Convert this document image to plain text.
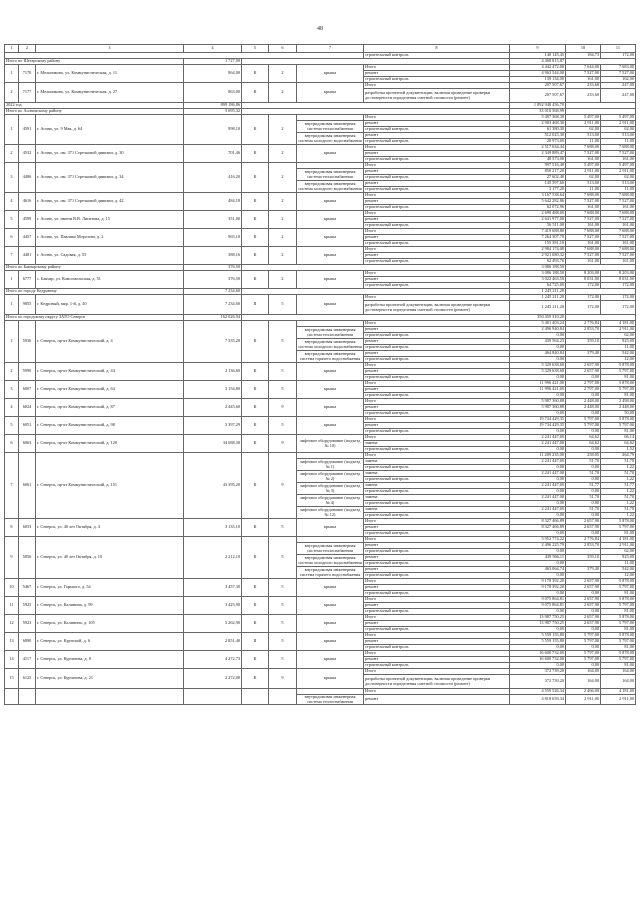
48
1	2	3	4	5	6	7	8	9	10	11
							строительный контроль	140 145,45	184,73	172,00
Итого по Шегарскому району			1 727,00					4 468 815,87		
1	7170	г. Мельниково, ул. Коммунистическая, д. 11	864,00	К	2	крыша	Итого	4 442 472,00	7 644,00	7 683,00
							ремонт	4 963 544,00	7 527,00	7 527,00
							строительный контроль	139 134,00	161,00	162,00
2	7177	г. Мельниково, ул. Коммунистическая, д. 27	863,00	К	2	крыша	Итого	207 507,67	233,60	247,00
							разработка проектной документации, включая проведение проверки достоверности определения сметной стоимости (ремонт)	207 507,67	233,60	247,00
2022 год			899 186,86					1 892 940 456,70		
Итого по Асиновскому району			5 695,32					33 018 568,99		
1	4591	г. Асино, ул. 9 Мая, д. 64	998,10	К	2		Итого	5 497 368,30	5 497,00	5 497,00
						внутридомовая инженерная система теплоснабжения	ремонт	2 903 468,30	2 911,00	2 911,00
							строительный контроль	61 380,30	62,00	62,00
						внутридомовая инженерная система холодного водоснабжения	ремонт	512 025,30	513,00	513,00
							строительный контроль	20 973,00	11,00	11,00
2	4532	г. Асино, ул. им. 371 Стрелковой дивизии, д. 30	701,46	К	2	крыша	Итого	2 517 634,44	7 688,00	7 688,00
							ремонт	2 349 889,47	7 527,00	7 527,00
							строительный контроль	48 573,00	161,00	161,00
3	4486	г. Асино, ул. им. 371 Стрелковой дивизии, д. 34	416,20	К	2		Итого	997 516,40	5 497,00	5 497,00
						внутридомовая инженерная система теплоснабжения	ремонт	850 217,20	2 911,00	2 911,00
							строительный контроль	27 602,40	62,00	62,00
						внутридомовая инженерная система холодного водоснабжения	ремонт	145 597,60	513,00	513,00
							строительный контроль	3 177,20	11,00	11,00
4	4616	г. Асино, ул. им. 371 Стрелковой дивизии, д. 42	484,18	К	2	крыша	Итого	3 167 538,64	7 688,00	7 688,00
							ремонт	5 642 282,86	7 527,00	7 527,00
							строительный контроль	62 072,96	161,00	161,00
5	4599	г. Асино, ул. имени В.В. Липатова, д. 15	351,00	К	2	крыша	Итого	2 698 488,00	7 688,00	7 688,00
							ремонт	2 641 977,00	7 527,00	7 527,00
							строительный контроль	56 511,00	161,00	161,00
6	4457	г. Асино, ул. Павлика Морозова, д. 2	965,10	К	2	крыша	Итого	7 419 688,80	7 688,00	7 688,00
							ремонт	7 264 307,70	7 527,00	7 527,00
							строительный контроль	155 381,10	161,00	161,00
7	4481	г. Асино, ул. Садовая, д. 55	388,16	К	2	крыша	Итого	2 984 174,08	7 688,00	7 688,00
							ремонт	2 921 680,32	7 527,00	7 527,00
							строительный контроль	62 493,76	161,00	161,00
Итого по Бакчарскому району			376,50					3 086 188,50		
1	6777	с. Бакчар, ул. Комсомольская, д. 51	376,50	К	2	крыша	Итого	3 086 188,50	8 203,00	8 203,00
							ремонт	3 022 463,50	8 031,00	8 031,00
							строительный контроль	64 725,00	172,00	172,00
Итого по городу Кедровому			7 234,60					1 245 211,20		
1	9855	г. Кедровый, мкр. 1-й, д. 40	7 234,60	II	5	крыша	Итого	1 245 211,20	172,00	172,00
							разработка проектной документации, включая проведение проверки достоверности определения сметной стоимости (ремонт)	1 245 211,20	172,00	172,00
Итого по городскому округу ЗАТО Северск			162 026,94					350 459 310,20		
1	5936	г. Северск, пр-кт Коммунистический, д. 4	7 335,20	К	5		Итого	5 401 403,24	2 776,84	4 181,00
						внутридомовая инженерная система теплоснабжения	ремонт	2 496 940,84	2 853,70	2 911,00
							строительный контроль	0,00		62,00
						внутридомовая инженерная система холодного водоснабжения	ремонт	439 564,23	359,10	925,00
							строительный контроль	0,00		11,00
						внутридомовая инженерная система горячего водоснабжения	ремонт	464 840,84	379,40	542,00
							строительный контроль	0,00		12,00
2	5990	г. Северск, пр-кт Коммунистический, д. 44	2 136,60	К	5	крыша	Итого	5 329 638,60	2 657,90	5 878,00
							ремонт	5 329 638,60	2 657,90	5 797,00
							строительный контроль	0,00	0,00	81,00
3	6007	г. Северск, пр-кт Коммунистический, д. 64	3 154,80	К	5	крыша	Итого	11 996 421,00	2 797,00	5 878,00
							ремонт	11 996 421,00	2 797,00	5 797,00
							строительный контроль	0,00	0,00	81,00
4	6024	г. Северск, пр-кт Коммунистический, д. 87	2 445,60	К	9	крыша	Итого	5 987 360,88	2 448,00	2 498,00
							ремонт	5 987 360,88	2 448,00	2 448,00
							строительный контроль	0,00	0,00	50,00
5	6051	г. Северск, пр-кт Коммунистический, д. 98	3 397,29	К	5	крыша	Итого	19 734 429,35	5 797,00	5 878,00
							ремонт	19 734 429,35	5 797,00	5 797,00
							строительный контроль	0,00	0,00	81,00
6	6063	г. Северск, пр-кт Коммунистический, д. 120	34 688,30	К	9	лифтовое оборудование (подъезд № 10)	Итого	2 241 447,00	64,62	66,14
							замена	2 241 447,00	64,62	64,62
							строительный контроль	0,00	0,00	1,52
7	6061	г. Северск, пр-кт Коммунистический, д. 151	43 395,20	К	9		Итого	11 209 235,00	258,05	264,79
						лифтовое оборудование (подъезд № 1)	замена	2 241 447,00	51,70	51,70
							строительный контроль	0,00	0,00	1,22
						лифтовое оборудование (подъезд № 2)	замена	2 241 447,00	51,70	51,70
							строительный контроль	0,00	0,00	1,22
						лифтовое оборудование (подъезд № 3)	замена	2 241 447,00	51,77	51,77
							строительный контроль	0,00	0,00	1,22
						лифтовое оборудование (подъезд № 4)	замена	2 241 447,00	51,70	51,70
							строительный контроль	0,00	0,00	1,22
						лифтовое оборудование (подъезд № 12)	замена	2 241 447,00	51,70	51,70
							строительный контроль	0,00	0,00	1,22
8	6053	г. Северск, ул. 40 лет Октября, д. 4	3 135,10	К	5	крыша	Итого	8 327 466,89	2 657,90	5 878,00
							ремонт	8 327 466,89	2 657,90	5 797,00
							строительный контроль	0,00	0,00	81,00
9	5856	г. Северск, ул. 40 лет Октября, д. 10	2 212,10	К	5		Итого	5 952 774,22	2 776,84	4 181,00
						внутридомовая инженерная система теплоснабжения	ремонт	2 496 225,79	2 853,70	2 911,00
							строительный контроль	0,00		62,00
						внутридомовая инженерная система холодного водоснабжения	ремонт	439 566,11	359,10	925,00
							строительный контроль	0,00		11,00
						внутридомовая инженерная система горячего водоснабжения	ремонт	463 064,74	379,40	542,00
							строительный контроль	0,00		12,00
10	5467	г. Северск, ул. Горького, д. 54	3 457,30	К	5	крыша	Итого	9 178 392,20	2 657,90	5 878,00
							ремонт	9 178 392,20	2 657,90	5 797,00
							строительный контроль	0,00	0,00	81,00
11	5925	г. Северск, ул. Калинина, д. 99	3 425,90	К	5	крыша	Итого	9 075 864,81	2 657,90	5 878,00
							ремонт	9 075 864,81	2 657,90	5 797,00
							строительный контроль	0,00	0,00	81,00
12	5923	г. Северск, ул. Калинина, д. 105	5 262,90	К	5	крыша	Итого	13 987 750,25	2 657,90	5 878,00
							ремонт	13 987 750,25	2 657,90	5 797,00
							строительный контроль	0,00	0,00	81,00
13	6890	г. Северск, ул. Крупской, д. 6	2 851,40	II	5	крыша	Итого	5 559 155,80	5 797,00	5 878,00
							ремонт	5 559 155,80	5 797,00	5 797,00
							строительный контроль	0,00	0,00	81,00
14	4117	г. Северск, ул. Курчатова, д. 8	4 272,73	К	5	крыша	Итого	16 600 732,00	5 797,00	5 878,00
							ремонт	16 600 732,00	5 797,00	5 797,00
							строительный контроль	0,00	0,00	81,00
15	6125	г. Северск, ул. Курчатова, д. 21	2 272,00	К	9	крыша	Итого	372 739,20	164,00	164,00
							разработка проектной документации, включая проведение проверки достоверности определения сметной стоимости (ремонт)	372 739,20	164,00	164,00
							Итого	4 559 526,34	2 466,00	4 181,00
						внутридомовая инженерная система теплоснабжения	ремонт	4 818 659,34	2 911,00	2 911,00
